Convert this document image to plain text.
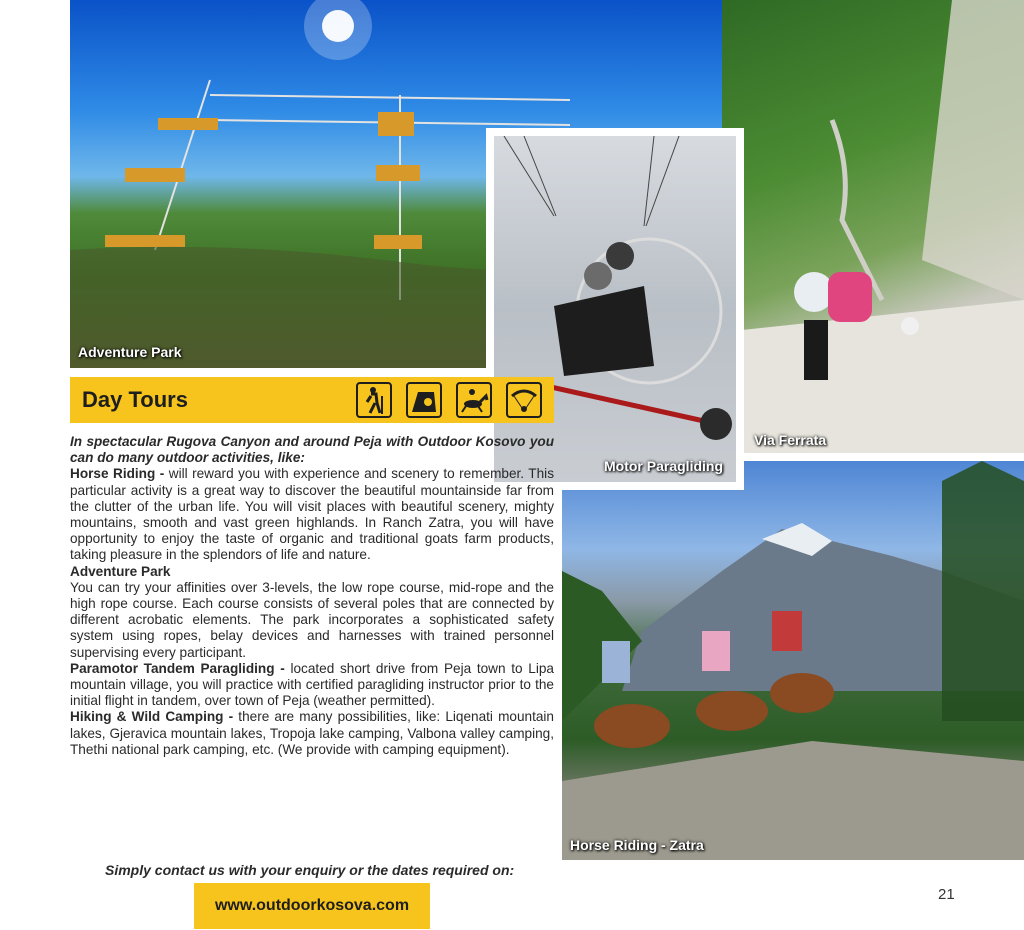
Adventure Park
Via Ferrata
Horse Riding - Zatra
Motor Paragliding
Day Tours

In spectacular Rugova Canyon and around Peja with Outdoor Kosovo you can do many outdoor activities, like:

Horse Riding - will reward you with experience and scenery to remember. This particular activity is a great way to discover the beautiful mountainside far from the clutter of the urban life. You will visit places with beautiful scenery, mighty mountains, smooth and vast green highlands. In Ranch Zatra, you will have opportunity to enjoy the taste of organic and traditional goats farm products, taking pleasure in the splendors of life and nature.

Adventure Park

You can try your affinities over 3-levels, the low rope course, mid-rope and the high rope course. Each course consists of several poles that are connected by different acrobatic elements. The park incorporates a sophisticated safety system using ropes, belay devices and harnesses with trained personnel supervising every participant.

Paramotor Tandem Paragliding - located short drive from Peja town to Lipa mountain village, you will practice with certified paragliding instructor prior to the initial flight in tandem, over town of Peja (weather permitted).

Hiking & Wild Camping - there are many possibilities, like: Liqenati mountain lakes, Gjeravica mountain lakes, Tropoja lake camping, Valbona valley camping, Thethi national park camping, etc. (We provide with camping equipment).

Simply contact us with your enquiry or the dates required on:
www.outdoorkosova.com
21
